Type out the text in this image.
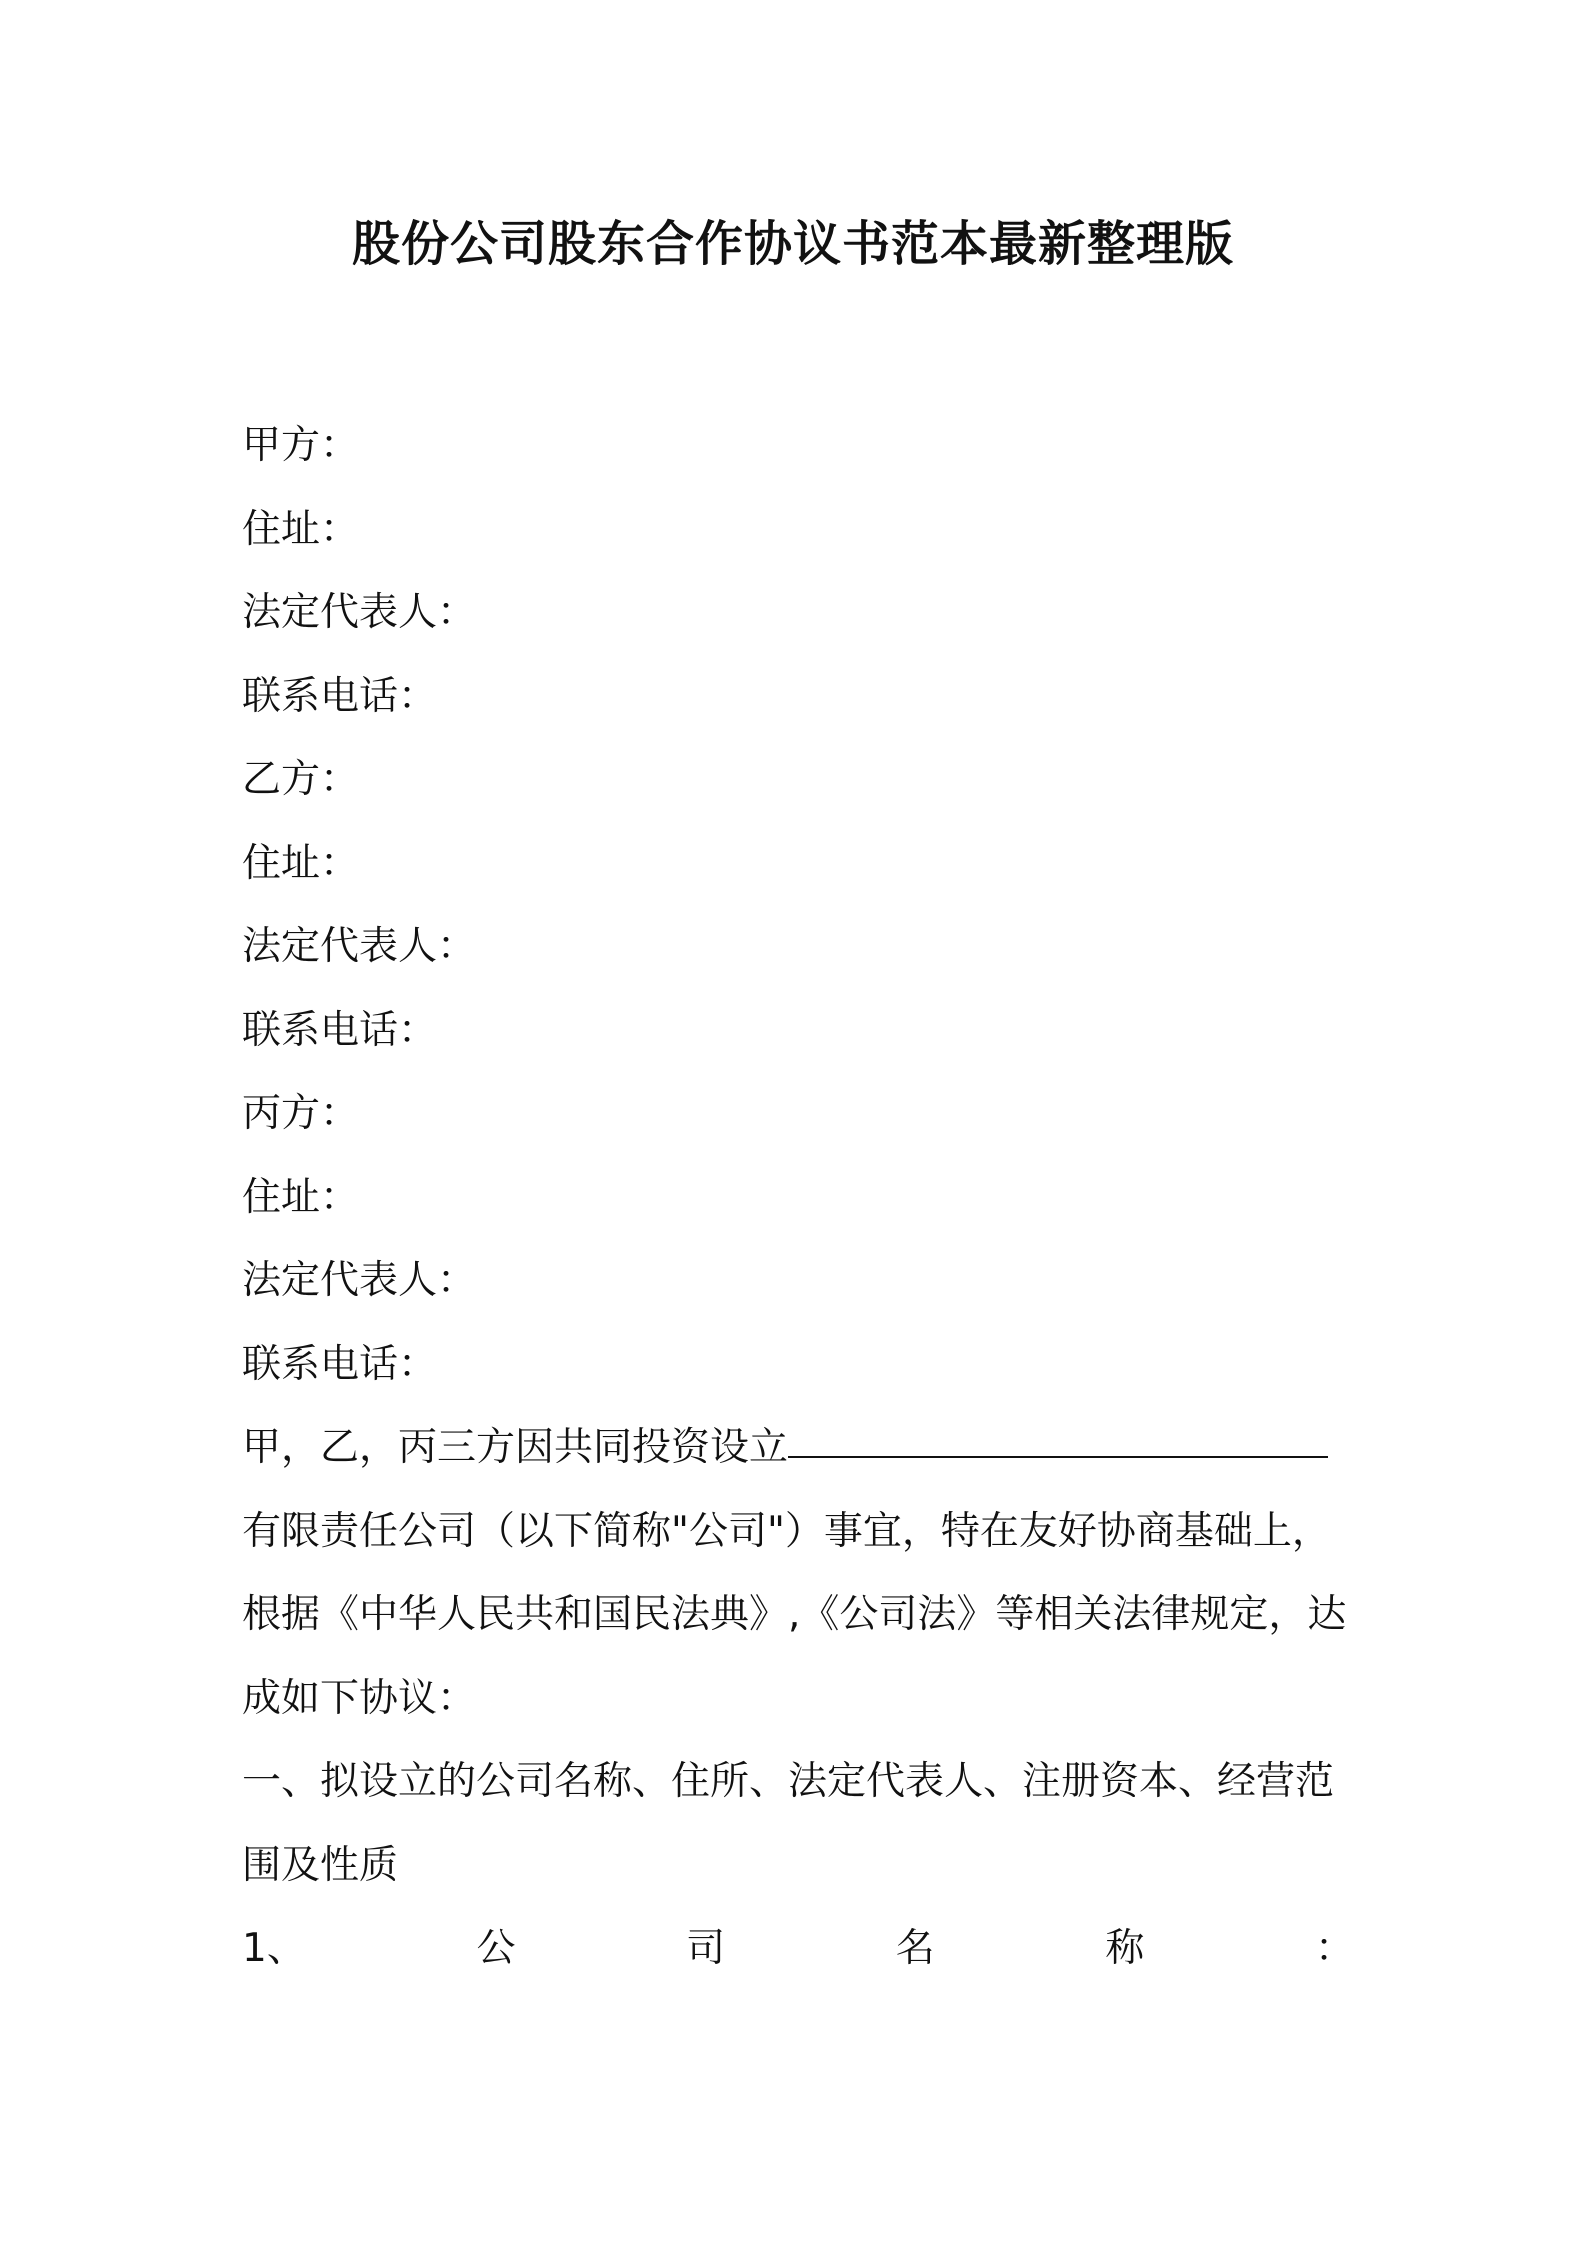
股份公司股东合作协议书范本最新整理版

甲方：

住址：

法定代表人：

联系电话：

乙方：

住址：

法定代表人：

联系电话：

丙方：

住址：

法定代表人：

联系电话：

甲，乙，丙三方因共同投资设立

有限责任公司（以下简称"公司"）事宜，特在友好协商基础上，

根据《中华人民共和国民法典》,《公司法》等相关法律规定，达

成如下协议：

一、拟设立的公司名称、住所、法定代表人、注册资本、经营范

围及性质

1、	公	司	名	称	：
